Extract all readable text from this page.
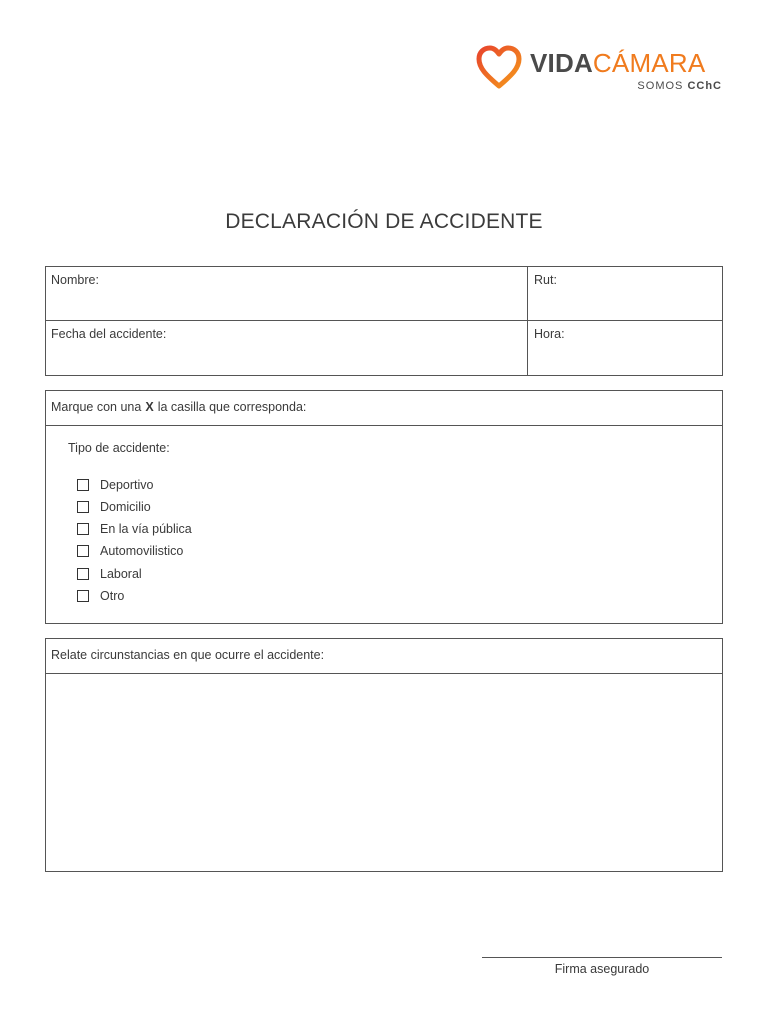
VIDACÁMARA
SOMOS CChC
DECLARACIÓN DE ACCIDENTE
Nombre:	Rut:
Fecha del accidente:	Hora:
Marque con una X la casilla que corresponda:
Tipo de accidente:
Deportivo
Domicilio
En la vía pública
Automovilistico
Laboral
Otro
Relate circunstancias en que ocurre el accidente:
Firma asegurado
